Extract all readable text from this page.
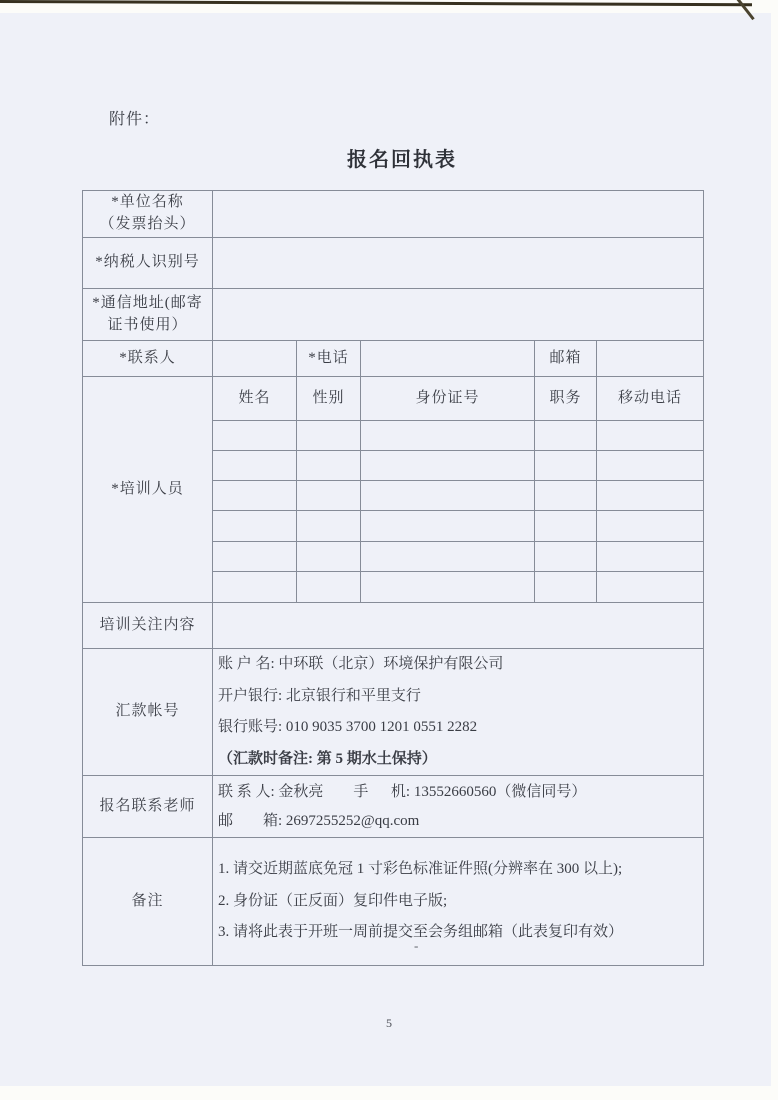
附件：
报名回执表
*单位名称
（发票抬头）					

*纳税人识别号					

*通信地址(邮寄
证书使用）					

*联系人		*电话		邮箱	
*培训人员	姓名	性别	身份证号	职务	移动电话

培训关注内容					
汇款帐号	账 户 名: 中环联（北京）环境保护有限公司
开户银行: 北京银行和平里支行
银行账号: 010 9035 3700 1201 0551 2282
（汇款时备注: 第 5 期水土保持）				

报名联系老师	联 系 人: 金秋亮        手      机: 13552660560（微信同号）
邮        箱: 2697255252@qq.com				

备注	1. 请交近期蓝底免冠 1 寸彩色标准证件照(分辨率在 300 以上);
2. 身份证（正反面）复印件电子版;
3. 请将此表于开班一周前提交至会务组邮箱（此表复印有效）				
-
5
